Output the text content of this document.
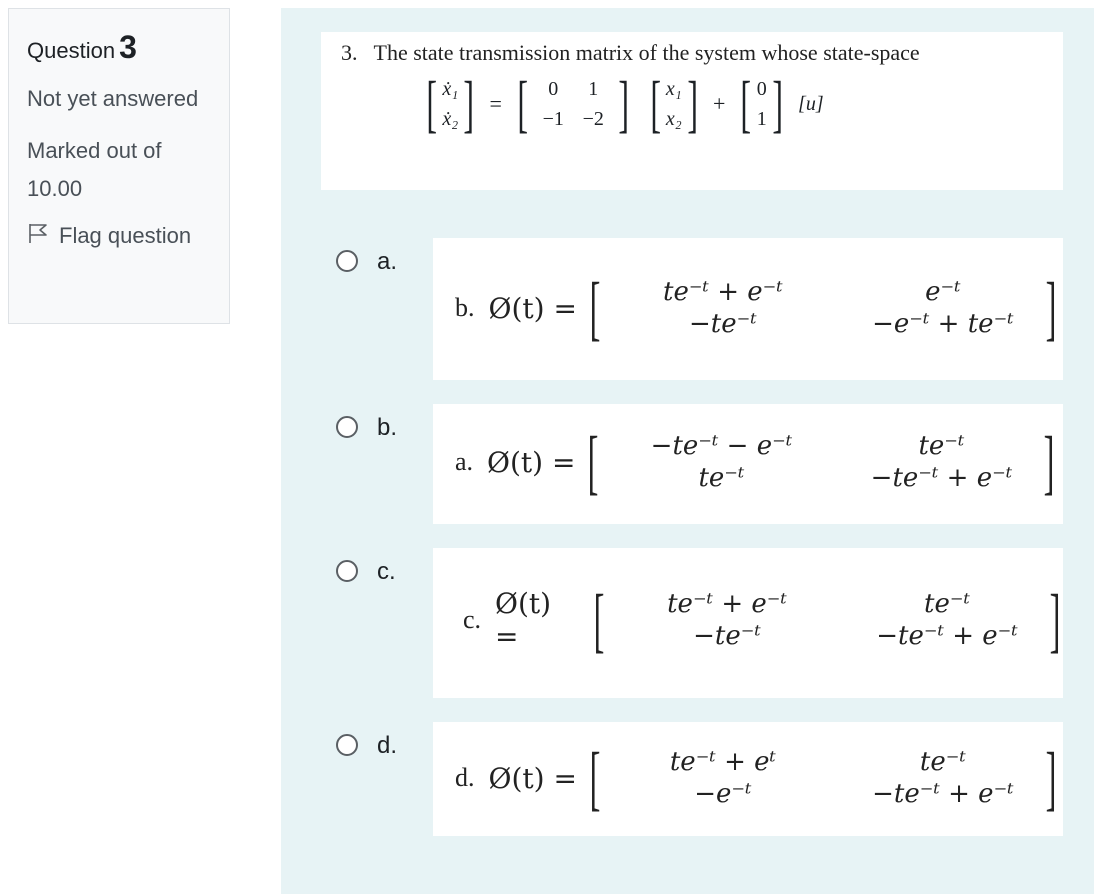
Question 3
Not yet answered
Marked out of 10.00
Flag question
3. The state transmission matrix of the system whose state-space
[ ẋ₁
ẋ₂ ] = [	0	1
−1 −2 ] [ x₁
x₂ ] + [ 0
1 ] [u]
a.
b. Ø(t) = [	te⁻ᵗ + e⁻ᵗ	e⁻ᵗ
−te⁻ᵗ	−e⁻ᵗ + te⁻ᵗ ]
b.
a. Ø(t) = [	−te⁻ᵗ − e⁻ᵗ	te⁻ᵗ
te⁻ᵗ	−te⁻ᵗ + e⁻ᵗ ]
c.
c. Ø(t) =	[	te⁻ᵗ + e⁻ᵗ	te⁻ᵗ
−te⁻ᵗ	−te⁻ᵗ + e⁻ᵗ ]
d.
d. Ø(t) = [	te⁻ᵗ + eᵗ	te⁻ᵗ
−e⁻ᵗ	−te⁻ᵗ + e⁻ᵗ ]
